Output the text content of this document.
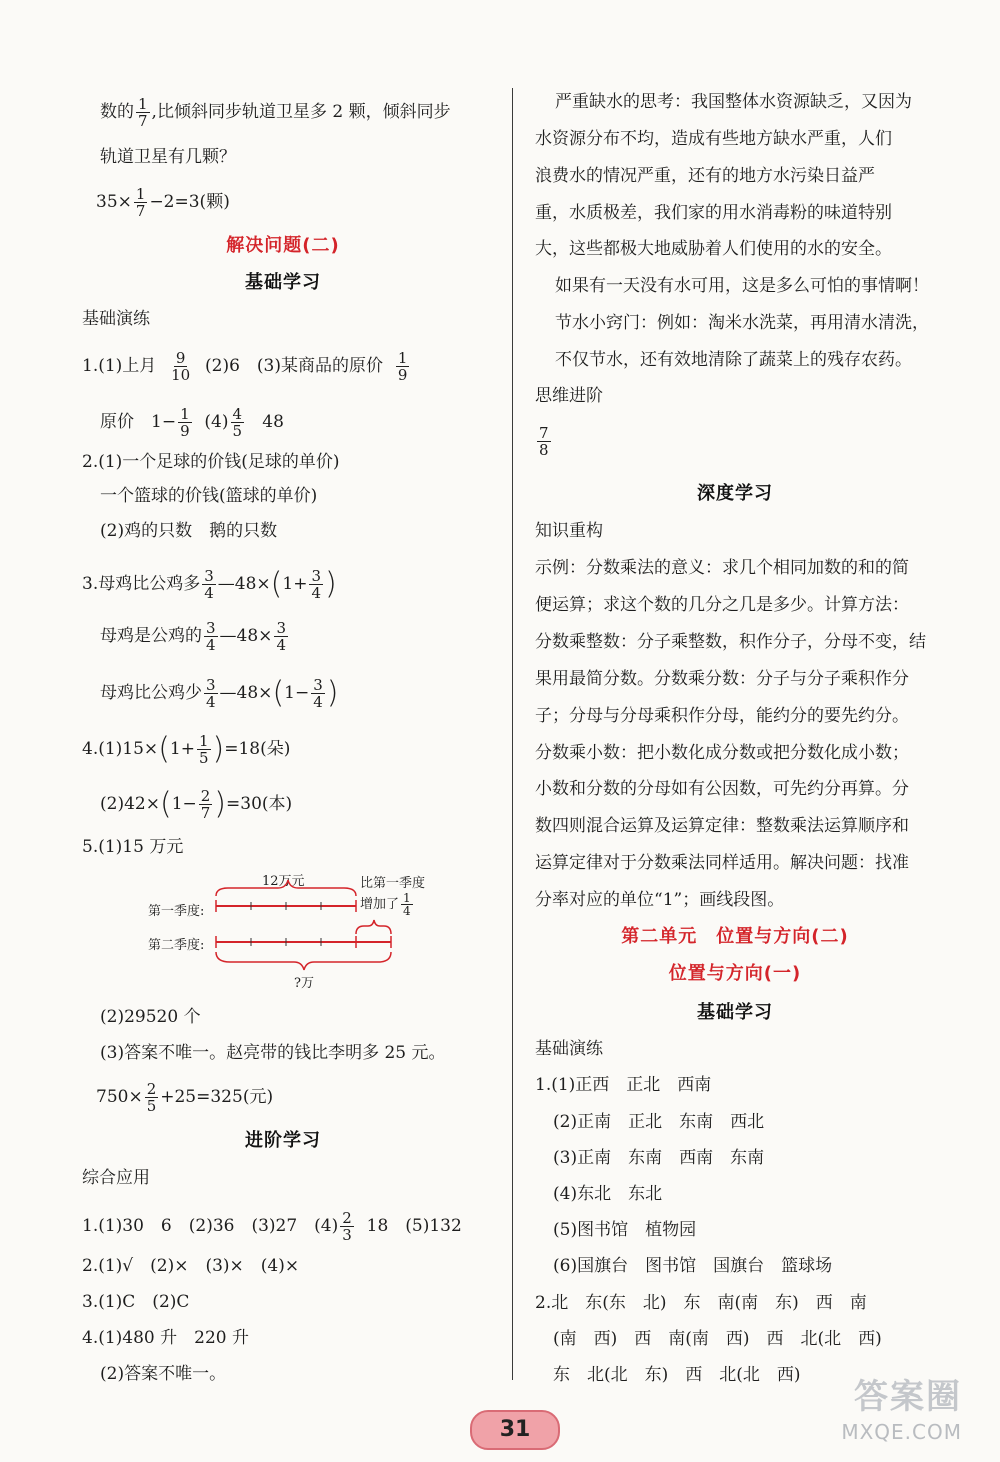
数的 $\frac{1}{7}$ ,比倾斜同步轨道卫星多 2 颗，倾斜同步
轨道卫星有几颗？
$35\times \frac{1}{7} -2=3$(颗)
解决问题(二)
基础学习
基础演练
1.(1)上月 $\frac{9}{10} (2)6$　(3)某商品的原价 $\frac{1}{9}$
原价　$1- \frac{1}{9} (4) \frac{4}{5} 48$
2.(1)一个足球的价钱(足球的单价)
一个篮球的价钱(篮球的单价)
(2)鸡的只数　鹅的只数
3.母鸡比公鸡多 $\frac{3}{4}$ —48×(1+ $\frac{3}{4}$ )
母鸡是公鸡的 $\frac{3}{4}$ —48× $\frac{3}{4}$
母鸡比公鸡少 $\frac{3}{4}$ —48×(1− $\frac{3}{4}$ )
$4.(1)15\times(1+ \frac{1}{5} )=18$(朵)
$(2)42\times(1- \frac{2}{7} )=30$(本)
5.(1)15 万元
12万元	比第一季度
增加了 $\frac{1}{4}$
第一季度:
第二季度:
?万
(2)29520 个
(3)答案不唯一。赵亮带的钱比李明多 25 元。
$750\times \frac{2}{5} +25=325$(元)
进阶学习
综合应用
1.(1)30　6　(2)36　(3)27　$(4) \frac{2}{3} 18$　(5)132
2.(1)√　(2)×　(3)×　(4)×
3.(1)C　(2)C
4.(1)480 升　220 升
(2)答案不唯一。
严重缺水的思考：我国整体水资源缺乏，又因为
水资源分布不均，造成有些地方缺水严重，人们
浪费水的情况严重，还有的地方水污染日益严
重，水质极差，我们家的用水消毒粉的味道特别
大，这些都极大地威胁着人们使用的水的安全。
如果有一天没有水可用，这是多么可怕的事情啊！
节水小窍门：例如：淘米水洗菜，再用清水清洗，
不仅节水，还有效地清除了蔬菜上的残存农药。
思维进阶
$\frac{7}{8}$
深度学习
知识重构
示例：分数乘法的意义：求几个相同加数的和的简
便运算；求这个数的几分之几是多少。计算方法：
分数乘整数：分子乘整数，积作分子，分母不变，结
果用最简分数。分数乘分数：分子与分子乘积作分
子；分母与分母乘积作分母，能约分的要先约分。
分数乘小数：把小数化成分数或把分数化成小数；
小数和分数的分母如有公因数，可先约分再算。分
数四则混合运算及运算定律：整数乘法运算顺序和
运算定律对于分数乘法同样适用。解决问题：找准
分率对应的单位“1”；画线段图。
第二单元　位置与方向(二)
位置与方向(一)
基础学习
基础演练
1.(1)正西　正北　西南
(2)正南　正北　东南　西北
(3)正南　东南　西南　东南
(4)东北　东北
(5)图书馆　植物园
(6)国旗台　图书馆　国旗台　篮球场
2.北　东(东　北)　东　南(南　东)　西　南
(南　西)　西　南(南　西)　西　北(北　西)
东　北(北　东)　西　北(北　西)
31
答案圈
MXQE.COM
